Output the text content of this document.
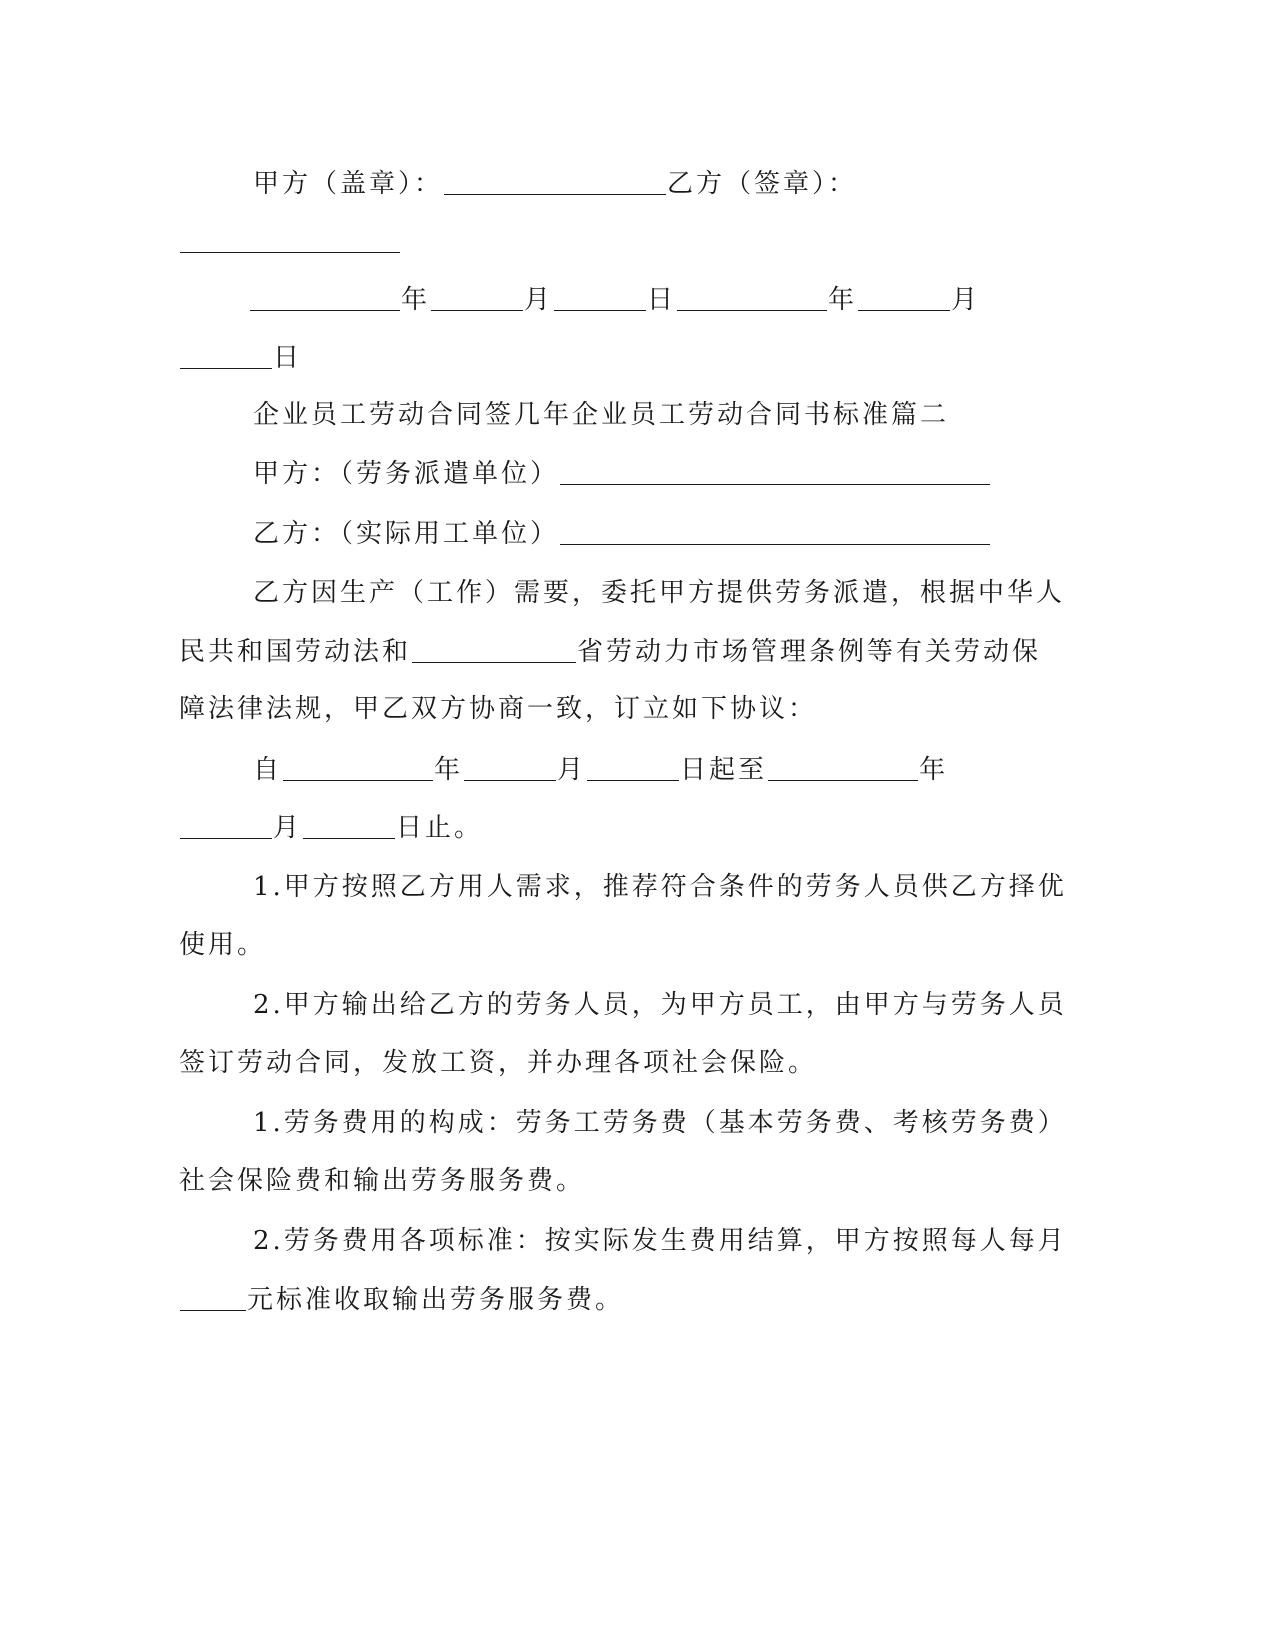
甲方（盖章）：	乙方（签章）：
年	月	日	年	月
日
企业员工劳动合同签几年企业员工劳动合同书标准篇二
甲方：（劳务派遣单位）
乙方：（实际用工单位）
乙方因生产（工作）需要，委托甲方提供劳务派遣，根据中华人
民共和国劳动法和	省劳动力市场管理条例等有关劳动保
障法律法规，甲乙双方协商一致，订立如下协议：
自	年	月	日起至	年
月	日止。
1.甲方按照乙方用人需求，推荐符合条件的劳务人员供乙方择优
使用。
2.甲方输出给乙方的劳务人员，为甲方员工，由甲方与劳务人员
签订劳动合同，发放工资，并办理各项社会保险。
1.劳务费用的构成：劳务工劳务费（基本劳务费、考核劳务费）
社会保险费和输出劳务服务费。
2.劳务费用各项标准：按实际发生费用结算，甲方按照每人每月
元标准收取输出劳务服务费。
